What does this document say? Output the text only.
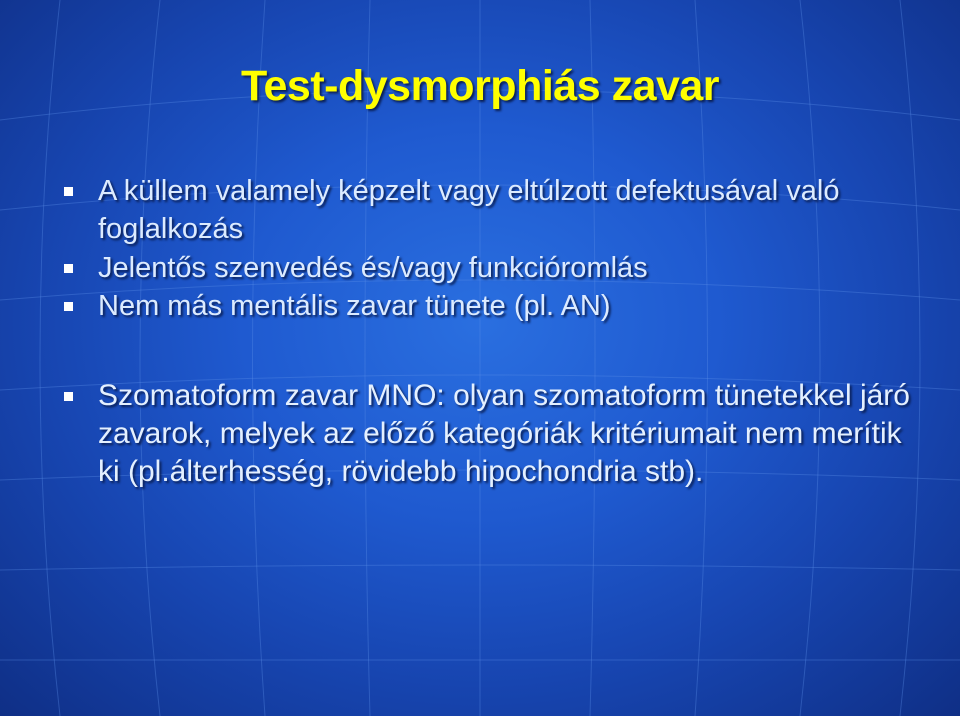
Test-dysmorphiás zavar
A küllem valamely képzelt vagy eltúlzott defektusával való foglalkozás
Jelentős szenvedés és/vagy funkcióromlás
Nem más mentális zavar tünete (pl. AN)
Szomatoform zavar MNO: olyan szomatoform tünetekkel járó zavarok, melyek az előző kategóriák kritériumait nem merítik ki (pl.álterhesség, rövidebb hipochondria stb).
